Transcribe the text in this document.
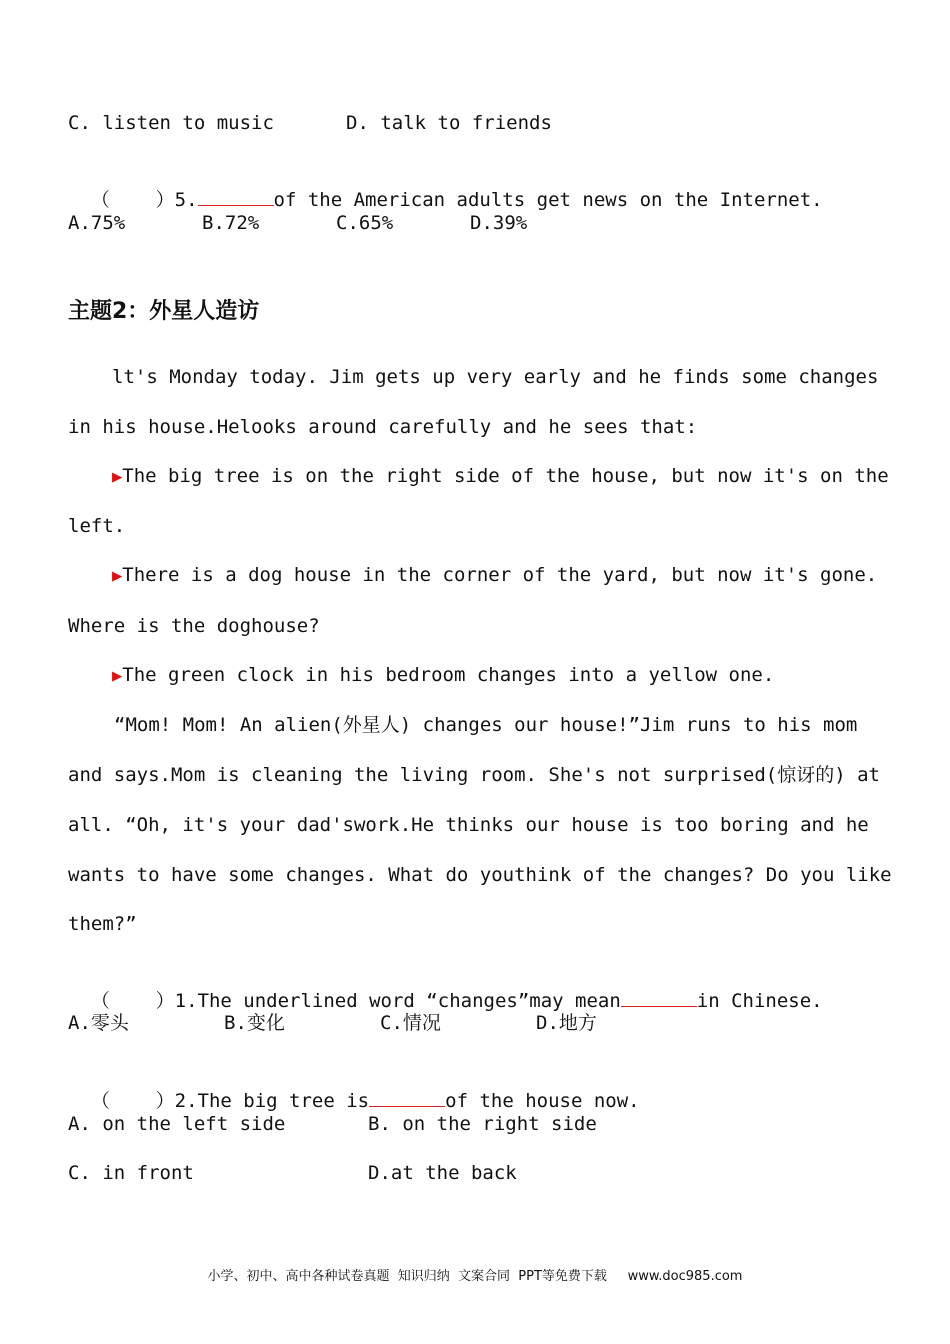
C. listen to music	D. talk to friends

（    ）5.	of the American adults get news on the Internet.

A.75%	B.72%	C.65%	D.39%
主题2：外星人造访
lt's Monday today. Jim gets up very early and he finds some changes
in his house.Helooks around carefully and he sees that:
▶The big tree is on the right side of the house, but now it's on the
left.
▶There is a dog house in the corner of the yard, but now it's gone.
Where is the doghouse?
▶The green clock in his bedroom changes into a yellow one.
“Mom! Mom! An alien(外星人) changes our house!”Jim runs to his mom
and says.Mom is cleaning the living room. She's not surprised(惊讶的) at
all. “Oh, it's your dad'swork.He thinks our house is too boring and he
wants to have some changes. What do youthink of the changes? Do you like
them?”

（    ）1.The underlined word “changes”may mean	in Chinese.

A.零头	B.变化	C.情况	D.地方

（    ）2.The big tree is	of the house now.

A. on the left side	B. on the right side
C. in front	D.at the back
小学、初中、高中各种试卷真题  知识归纳  文案合同  PPT等免费下载     www.doc985.com
